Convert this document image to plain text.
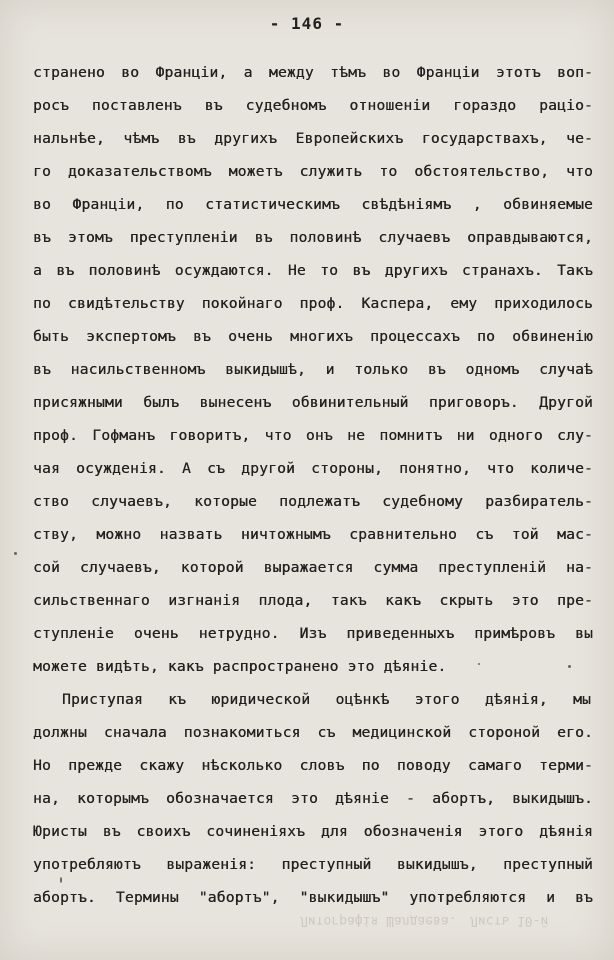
- 146 -
странено во Франціи, а между тѣмъ во Франціи этотъ воп-
росъ поставленъ въ судебномъ отношеніи гораздо раціо-
нальнѣе, чѣмъ въ другихъ Европейскихъ государствахъ, че-
го доказательствомъ можетъ служить то обстоятельство, что
во Франціи, по статистическимъ свѣдѣніямъ , обвиняемые
въ этомъ преступленіи въ половинѣ случаевъ оправдываются,
а въ половинѣ осуждаются. Не то въ другихъ странахъ. Такъ
по свидѣтельству покойнаго проф. Каспера, ему приходилось
быть экспертомъ въ очень многихъ процессахъ по обвиненію
въ насильственномъ выкидышѣ, и только въ одномъ случаѣ
присяжными былъ вынесенъ обвинительный приговоръ. Другой
проф. Гофманъ говоритъ, что онъ не помнитъ ни одного слу-
чая осужденія. А съ другой стороны, понятно, что количе-
ство случаевъ, которые подлежатъ судебному разбиратель-
ству, можно назвать ничтожнымъ сравнительно съ той мас-
сой случаевъ, которой выражается сумма преступленій на-
сильственнаго изгнанія плода, такъ какъ скрыть это пре-
ступленіе очень нетрудно. Изъ приведенныхъ примѣровъ вы
можете видѣть, какъ распространено это дѣяніе.
Приступая къ юридической оцѣнкѣ этого дѣянія, мы
должны сначала познакомиться съ медицинской стороной его.
Но прежде скажу нѣсколько словъ по поводу самаго терми-
на, которымъ обозначается это дѣяніе - абортъ, выкидышъ.
Юристы въ своихъ сочиненіяхъ для обозначенія этого дѣянія
употребляютъ выраженія: преступный выкидышъ, преступный
абортъ. Термины "абортъ", "выкидышъ" употребляются и въ
Литографія Шалдаева. Листъ 10-й
